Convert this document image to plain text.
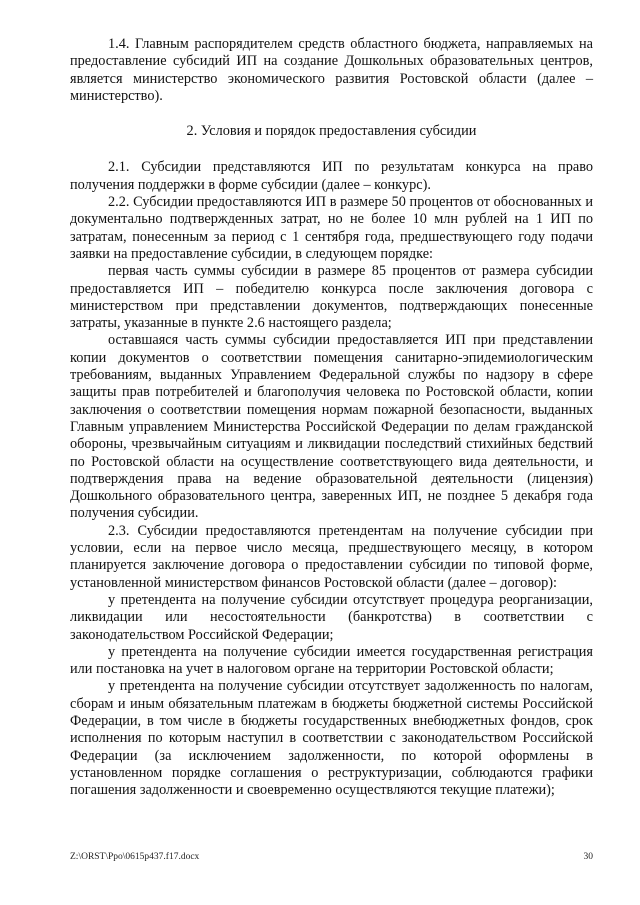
1.4. Главным распорядителем средств областного бюджета, направляемых на предоставление субсидий ИП на создание Дошкольных образовательных центров, является министерство экономического развития Ростовской области (далее – министерство).

2. Условия и порядок предоставления субсидии

2.1. Субсидии представляются ИП по результатам конкурса на право получения поддержки в форме субсидии (далее – конкурс).

2.2. Субсидии предоставляются ИП в размере 50 процентов от обоснованных и документально подтвержденных затрат, но не более 10 млн рублей на 1 ИП по затратам, понесенным за период с 1 сентября года, предшествующего году подачи заявки на предоставление субсидии, в следующем порядке:

первая часть суммы субсидии в размере 85 процентов от размера субсидии предоставляется ИП – победителю конкурса после заключения договора с министерством при представлении документов, подтверждающих понесенные затраты, указанные в пункте 2.6 настоящего раздела;

оставшаяся часть суммы субсидии предоставляется ИП при представлении копии документов о соответствии помещения санитарно-эпидемиологическим требованиям, выданных Управлением Федеральной службы по надзору в сфере защиты прав потребителей и благополучия человека по Ростовской области, копии заключения о соответствии помещения нормам пожарной безопасности, выданных Главным управлением Министерства Российской Федерации по делам гражданской обороны, чрезвычайным ситуациям и ликвидации последствий стихийных бедствий по Ростовской области на осуществление соответствующего вида деятельности, и подтверждения права на ведение образовательной деятельности (лицензия) Дошкольного образовательного центра, заверенных ИП, не позднее 5 декабря года получения субсидии.

2.3. Субсидии предоставляются претендентам на получение субсидии при условии, если на первое число месяца, предшествующего месяцу, в котором планируется заключение договора о предоставлении субсидии по типовой форме, установленной министерством финансов Ростовской области (далее – договор):

у претендента на получение субсидии отсутствует процедура реорганизации, ликвидации или несостоятельности (банкротства) в соответствии с законодательством Российской Федерации;

у претендента на получение субсидии имеется государственная регистрация или постановка на учет в налоговом органе на территории Ростовской области;

у претендента на получение субсидии отсутствует задолженность по налогам, сборам и иным обязательным платежам в бюджеты бюджетной системы Российской Федерации, в том числе в бюджеты государственных внебюджетных фондов, срок исполнения по которым наступил в соответствии с законодательством Российской Федерации (за исключением задолженности, по которой оформлены в установленном порядке соглашения о реструктуризации, соблюдаются графики погашения задолженности и своевременно осуществляются текущие платежи);

Z:\ORST\Ppo\0615p437.f17.docx	30
